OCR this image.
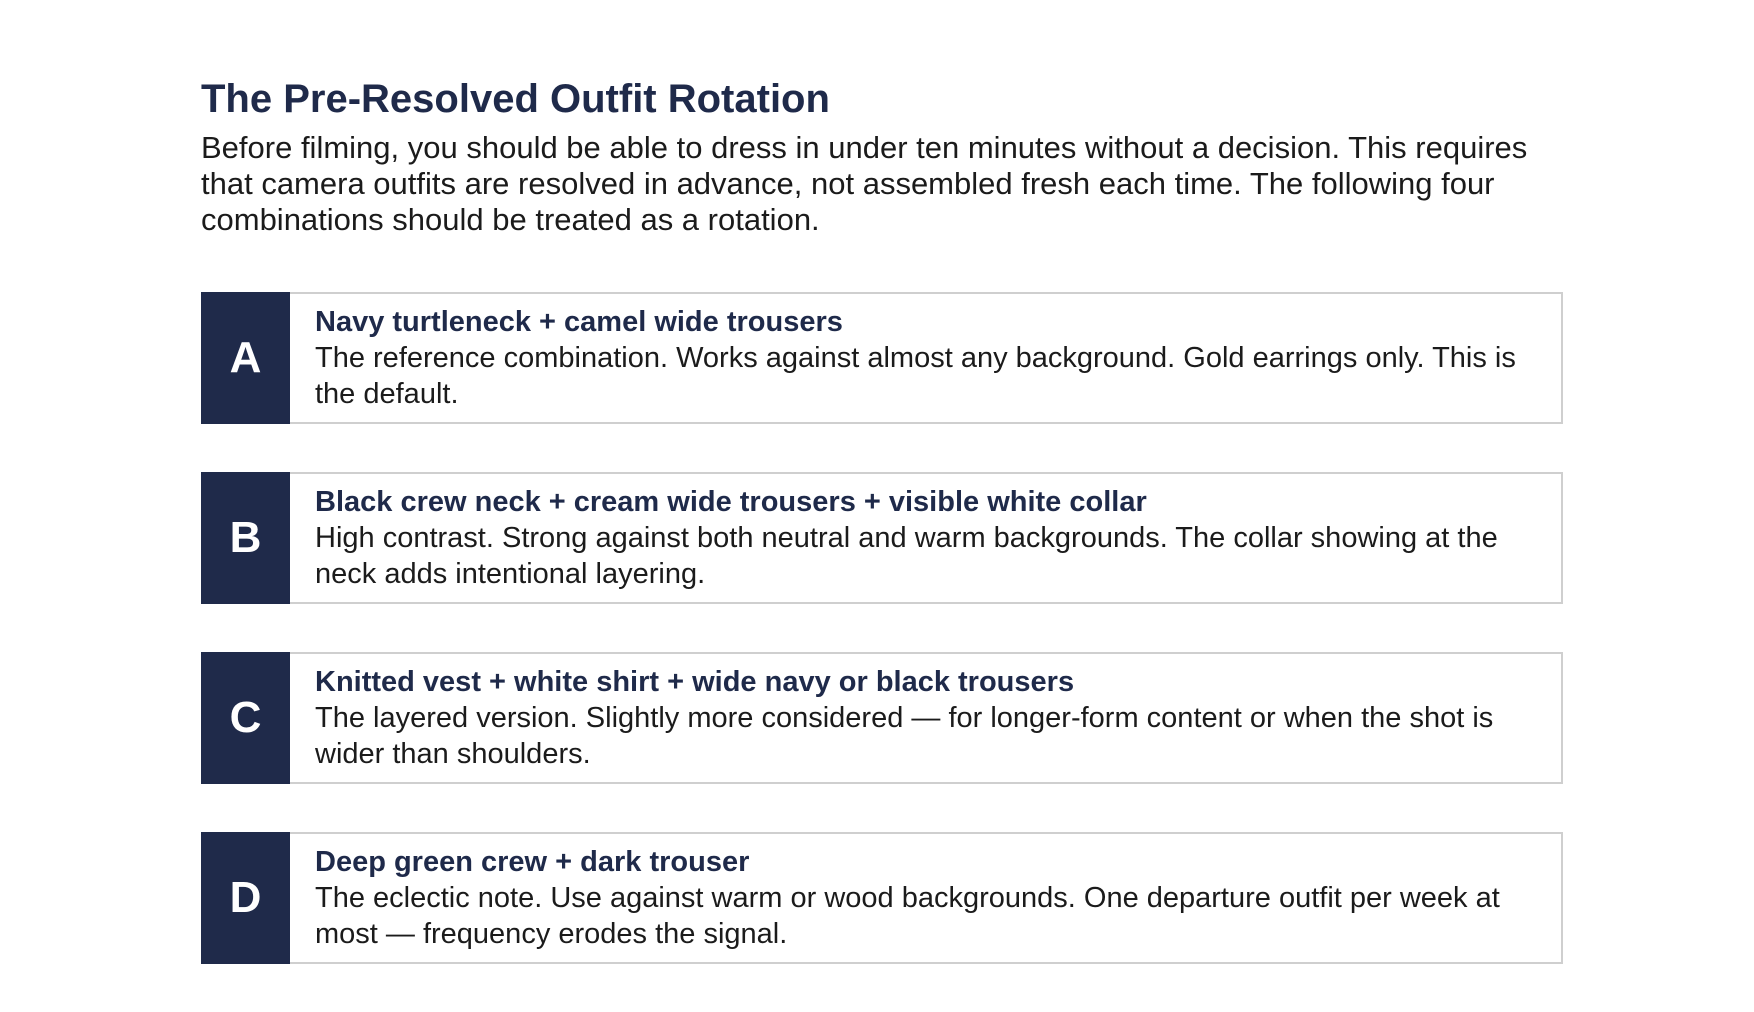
The Pre-Resolved Outfit Rotation

Before filming, you should be able to dress in under ten minutes without a decision. This requires that camera outfits are resolved in advance, not assembled fresh each time. The following four combinations should be treated as a rotation.

A
Navy turtleneck + camel wide trousers
The reference combination. Works against almost any background. Gold earrings only. This is the default.
B
Black crew neck + cream wide trousers + visible white collar
High contrast. Strong against both neutral and warm backgrounds. The collar showing at the neck adds intentional layering.
C
Knitted vest + white shirt + wide navy or black trousers
The layered version. Slightly more considered — for longer-form content or when the shot is wider than shoulders.
D
Deep green crew + dark trouser
The eclectic note. Use against warm or wood backgrounds. One departure outfit per week at most — frequency erodes the signal.
